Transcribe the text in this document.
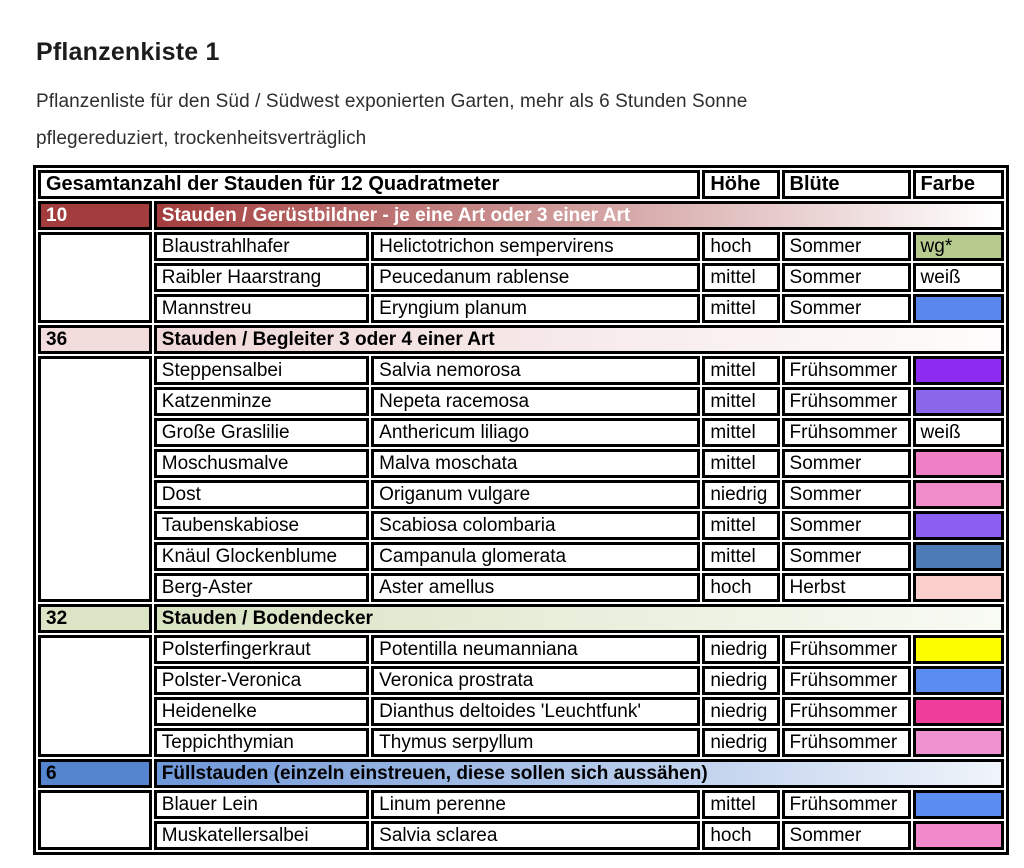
Pflanzenkiste 1

Pflanzenliste für den Süd / Südwest exponierten Garten, mehr als 6 Stunden Sonne

pflegereduziert, trockenheitsverträglich

Gesamtanzahl der Stauden für 12 Quadratmeter			Höhe	Blüte	Farbe
10	Stauden / Gerüstbildner - je eine Art oder 3 einer Art				
	Blaustrahlhafer	Helictotrichon sempervirens	hoch	Sommer	wg*
	Raibler Haarstrang	Peucedanum rablense	mittel	Sommer	weiß
	Mannstreu	Eryngium planum	mittel	Sommer	
36	Stauden / Begleiter 3 oder 4 einer Art				
	Steppensalbei	Salvia nemorosa	mittel	Frühsommer	
	Katzenminze	Nepeta racemosa	mittel	Frühsommer	
	Große Graslilie	Anthericum liliago	mittel	Frühsommer	weiß
	Moschusmalve	Malva moschata	mittel	Sommer	
	Dost	Origanum vulgare	niedrig	Sommer	
	Taubenskabiose	Scabiosa colombaria	mittel	Sommer	
	Knäul Glockenblume	Campanula glomerata	mittel	Sommer	
	Berg-Aster	Aster amellus	hoch	Herbst	
32	Stauden / Bodendecker				
	Polsterfingerkraut	Potentilla neumanniana	niedrig	Frühsommer	
	Polster-Veronica	Veronica prostrata	niedrig	Frühsommer	
	Heidenelke	Dianthus deltoides 'Leuchtfunk'	niedrig	Frühsommer	
	Teppichthymian	Thymus serpyllum	niedrig	Frühsommer	
6	Füllstauden (einzeln einstreuen, diese sollen sich aussähen)				
	Blauer Lein	Linum perenne	mittel	Frühsommer	
	Muskatellersalbei	Salvia sclarea	hoch	Sommer	
